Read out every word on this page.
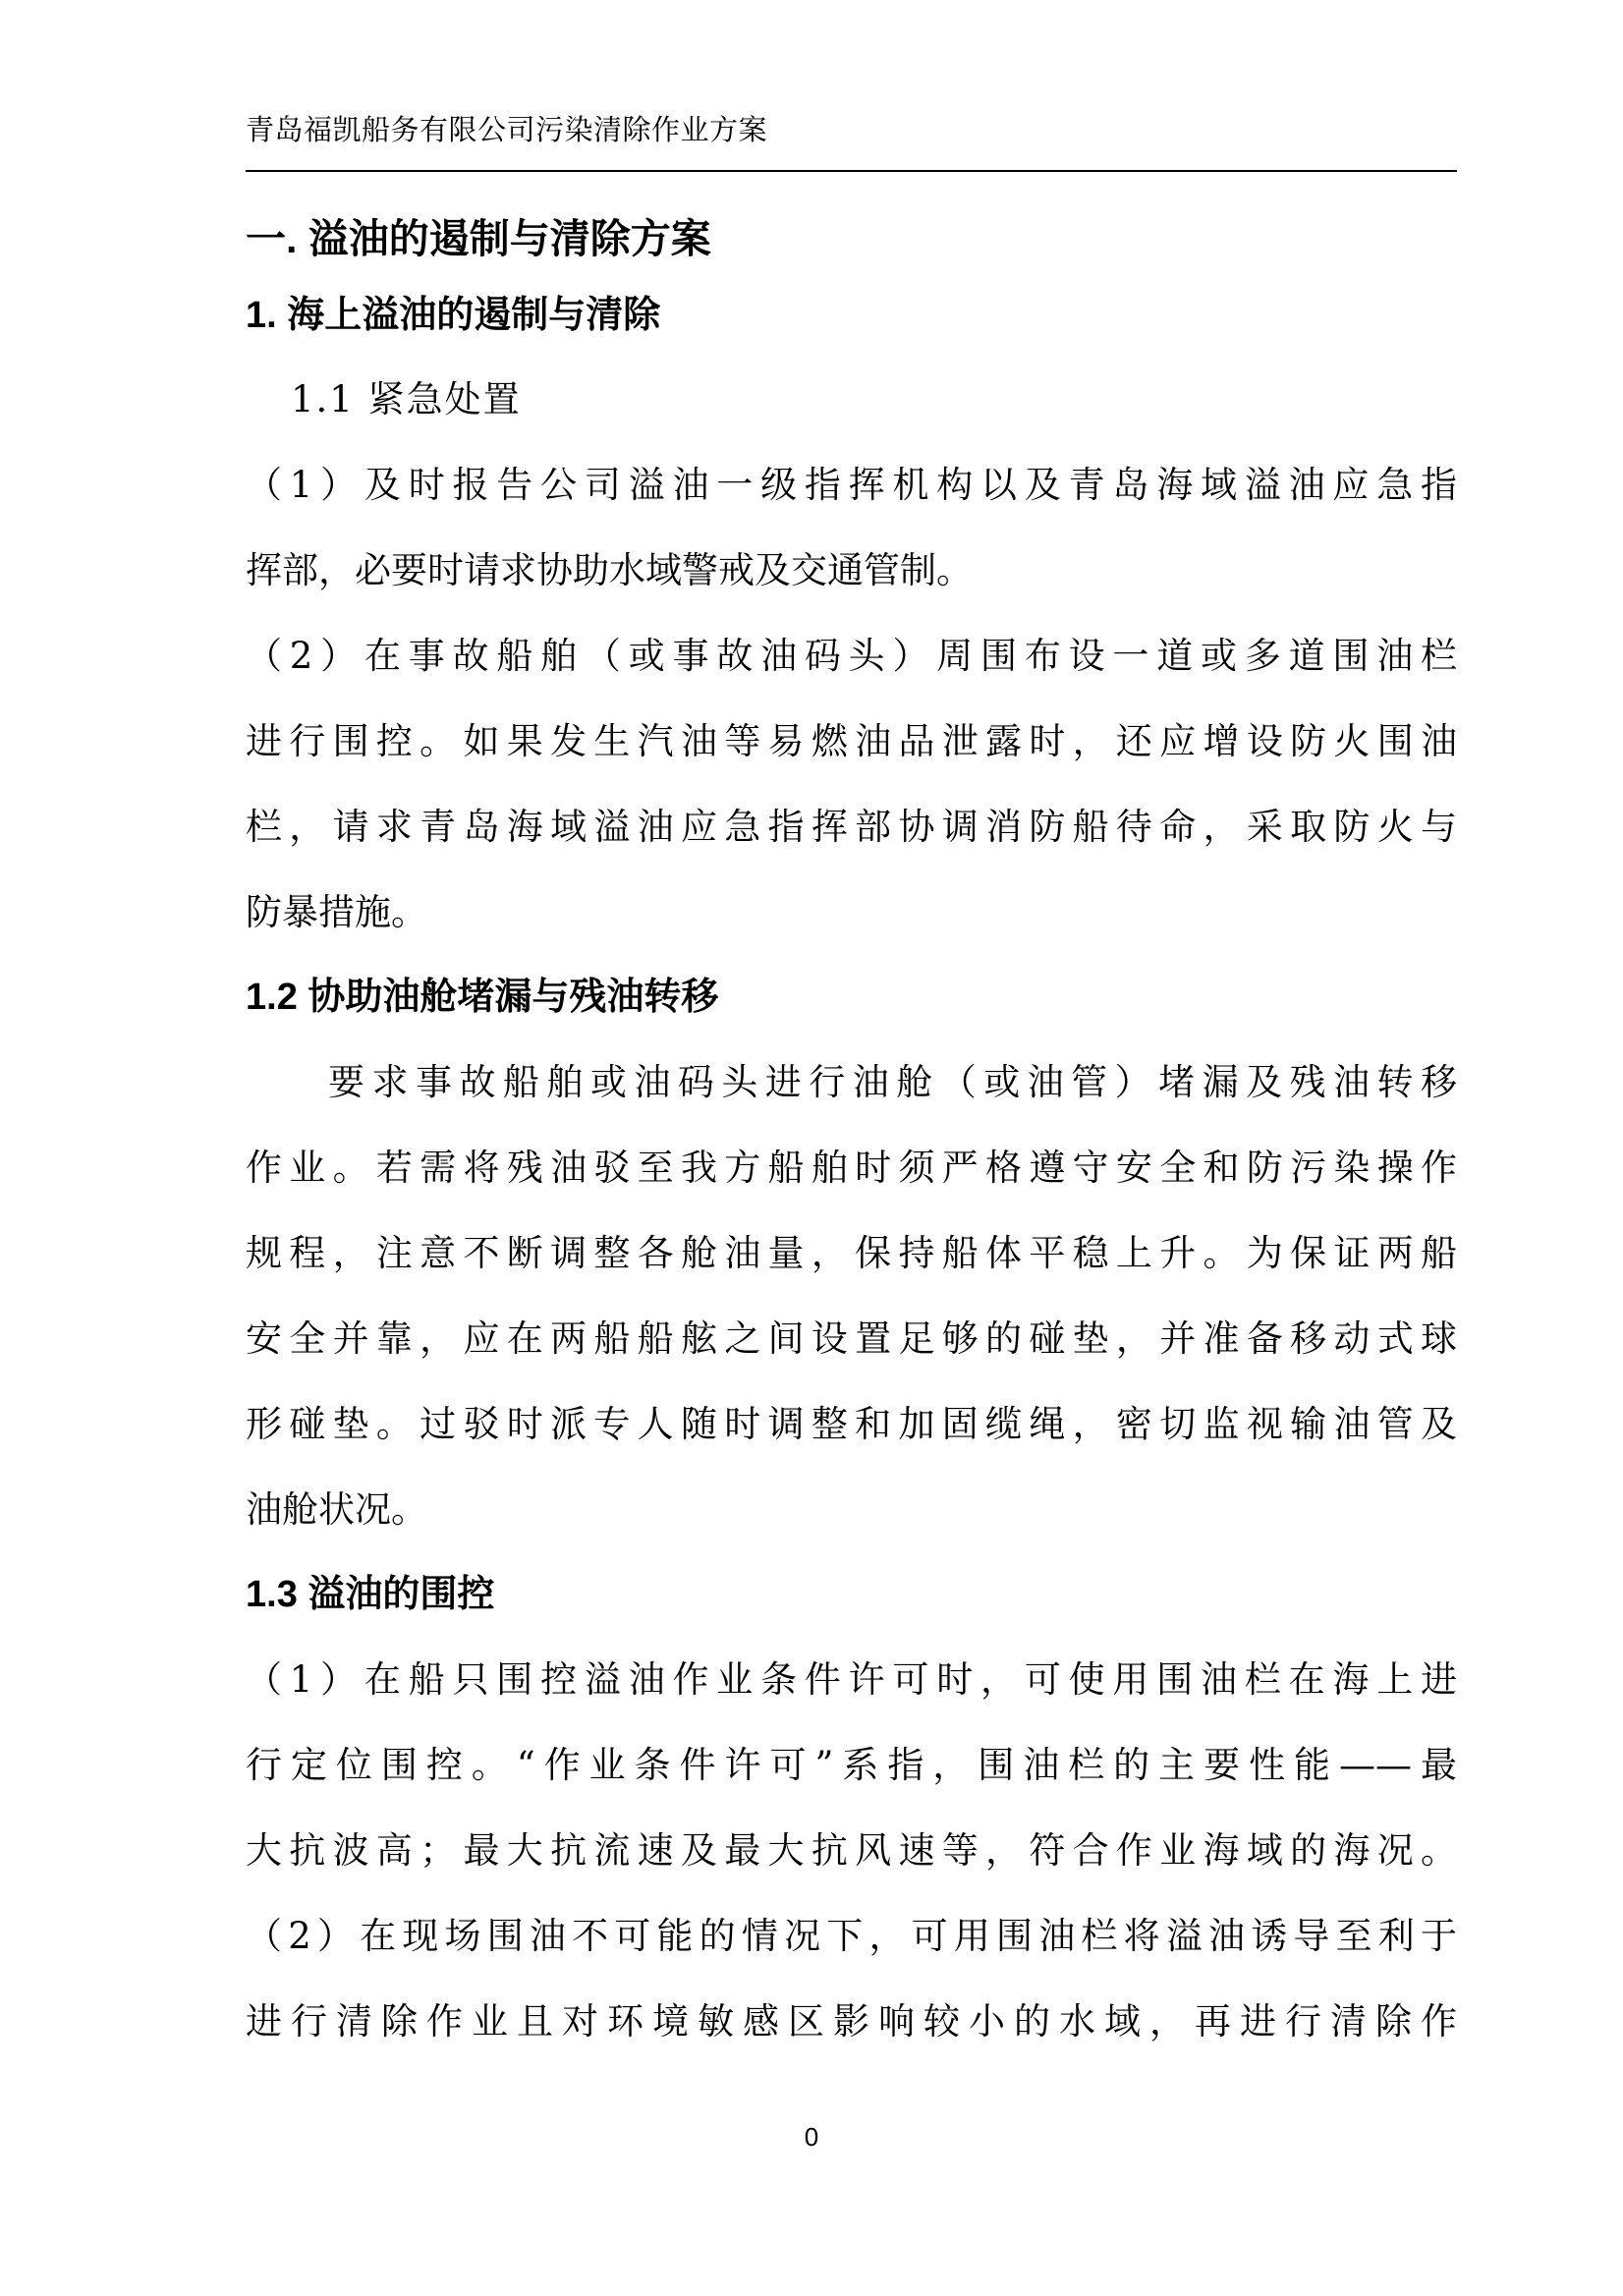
青岛福凯船务有限公司污染清除作业方案
一. 溢油的遏制与清除方案
1. 海上溢油的遏制与清除
1.1 紧急处置

（1）及时报告公司溢油一级指挥机构以及青岛海域溢油应急指
挥部，必要时请求协助水域警戒及交通管制。

（2）在事故船舶（或事故油码头）周围布设一道或多道围油栏
进行围控。如果发生汽油等易燃油品泄露时，还应增设防火围油
栏，请求青岛海域溢油应急指挥部协调消防船待命，采取防火与
防暴措施。

1.2 协助油舱堵漏与残油转移

要求事故船舶或油码头进行油舱（或油管）堵漏及残油转移
作业。若需将残油驳至我方船舶时须严格遵守安全和防污染操作
规程，注意不断调整各舱油量，保持船体平稳上升。为保证两船
安全并靠，应在两船船舷之间设置足够的碰垫，并准备移动式球
形碰垫。过驳时派专人随时调整和加固缆绳，密切监视输油管及
油舱状况。

1.3 溢油的围控

（1）在船只围控溢油作业条件许可时，可使用围油栏在海上进
行定位围控。“作业条件许可”系指，围油栏的主要性能——最
大抗波高；最大抗流速及最大抗风速等，符合作业海域的海况。

（2）在现场围油不可能的情况下，可用围油栏将溢油诱导至利于
进行清除作业且对环境敏感区影响较小的水域，再进行清除作

0
